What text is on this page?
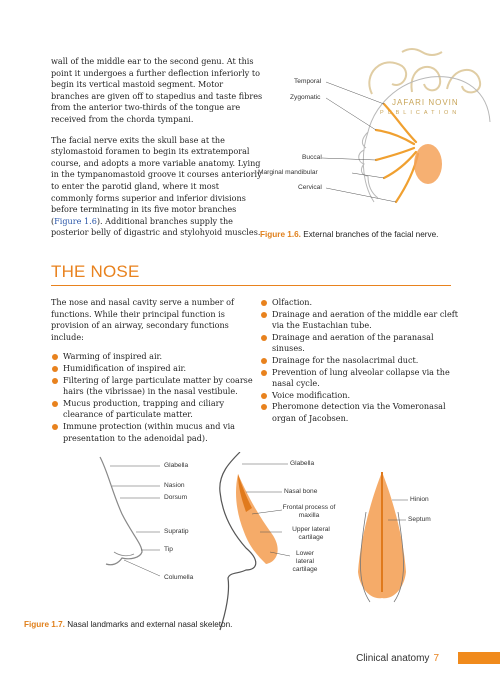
wall of the middle ear to the second genu. At this point it undergoes a further deflection inferiorly to begin its vertical mastoid segment. Motor branches are given off to stapedius and taste fibres from the anterior two-thirds of the tongue are received from the chorda tympani.

The facial nerve exits the skull base at the stylomastoid foramen to begin its extratemporal course, and adopts a more variable anatomy. Lying in the tympanomastoid groove it courses anteriorly to enter the parotid gland, where it most commonly forms superior and inferior divisions before terminating in its five motor branches (Figure 1.6). Additional branches supply the posterior belly of digastric and stylohyoid muscles.

JAFARI NOVIN
PUBLICATION
Temporal
Zygomatic
Buccal
Marginal mandibular
Cervical
Figure 1.6. External branches of the facial nerve.
THE NOSE

The nose and nasal cavity serve a number of functions. While their principal function is provision of an airway, secondary functions include:

Warming of inspired air.
Humidification of inspired air.
Filtering of large particulate matter by coarse hairs (the vibrissae) in the nasal vestibule.
Mucus production, trapping and ciliary clearance of particulate matter.
Immune protection (within mucus and via presentation to the adenoidal pad).
Olfaction.
Drainage and aeration of the middle ear cleft via the Eustachian tube.
Drainage and aeration of the paranasal sinuses.
Drainage for the nasolacrimal duct.
Prevention of lung alveolar collapse via the nasal cycle.
Voice modification.
Pheromone detection via the Vomeronasal organ of Jacobsen.
Glabella
Nasion
Dorsum
Supratip
Tip
Columella
Glabella
Nasal bone
Frontal process of maxilla
Upper lateral cartilage
Lower lateral cartilage
Hinion
Septum
Figure 1.7. Nasal landmarks and external nasal skeleton.
Clinical anatomy 7
